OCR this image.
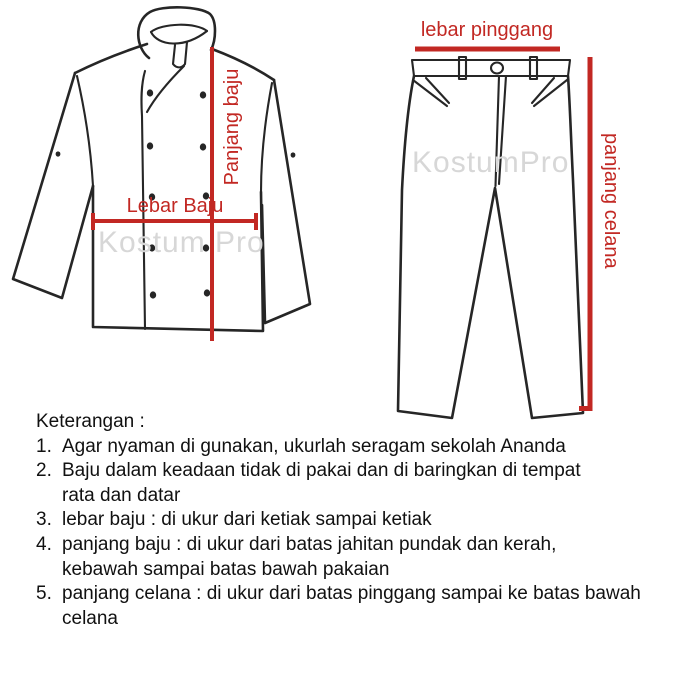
Panjang baju
Lebar Baju
lebar pinggang
panjang celana
Kostum Pro
KostumPro
Keterangan :
1. Agar nyaman di gunakan, ukurlah seragam sekolah Ananda
2. Baju dalam keadaan tidak di pakai dan di baringkan di tempat
rata dan datar
3. lebar baju : di ukur dari ketiak sampai ketiak
4. panjang baju : di ukur dari batas jahitan pundak dan kerah,
kebawah sampai batas bawah pakaian
5. panjang celana : di ukur dari batas pinggang sampai ke batas bawah
celana
